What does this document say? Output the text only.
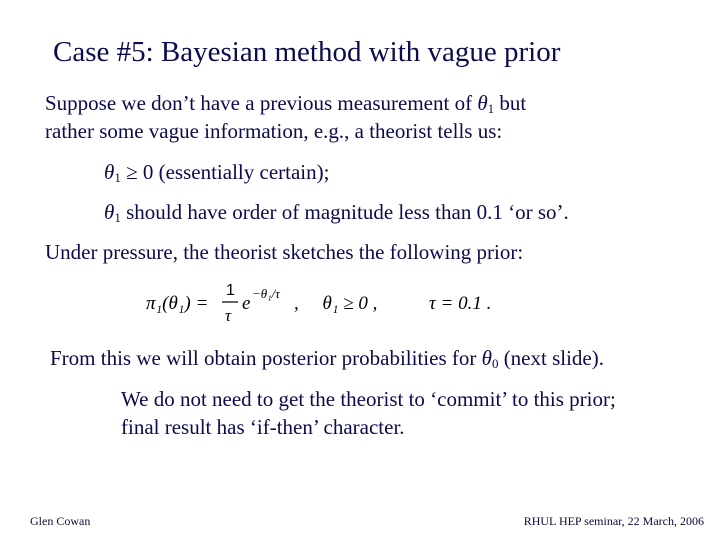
Case #5: Bayesian method with vague prior
Suppose we don’t have a previous measurement of $\theta_1$ but
rather some vague information, e.g., a theorist tells us:
$\theta_1 \ge 0$ (essentially certain);
$\theta_1$ should have order of magnitude less than 0.1 ‘or so’.
Under pressure, the theorist sketches the following prior:
π₁(θ₁) =
1
τ
e −θ₁/τ ,     θ₁ ≥ 0 ,	τ = 0.1 .
From this we will obtain posterior probabilities for $\theta_0$ (next slide).
We do not need to get the theorist to ‘commit’ to this prior;
final result has ‘if-then’ character.
Glen Cowan	RHUL HEP seminar, 22 March, 2006
